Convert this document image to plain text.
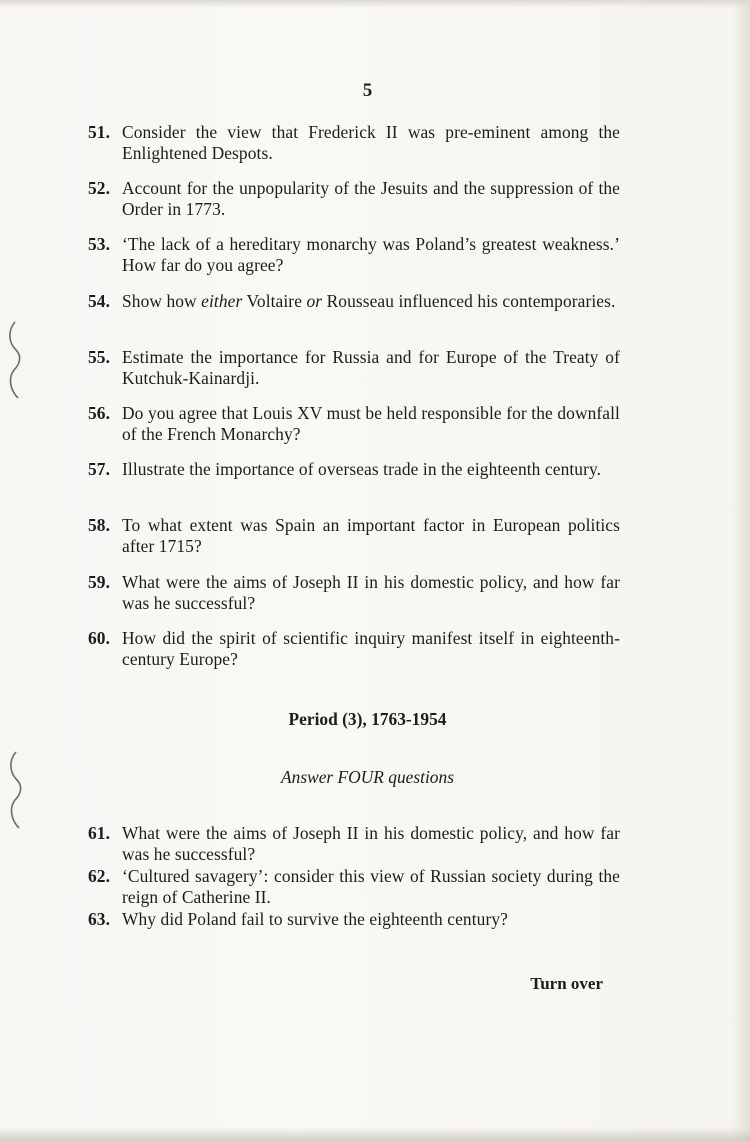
5

51. Consider the view that Frederick II was pre-eminent among the Enlightened Despots.
52. Account for the unpopularity of the Jesuits and the suppression of the Order in 1773.
53. ‘The lack of a hereditary monarchy was Poland’s greatest weakness.’ How far do you agree?
54. Show how either Voltaire or Rousseau influenced his contemporaries.
55. Estimate the importance for Russia and for Europe of the Treaty of Kutchuk-Kainardji.
56. Do you agree that Louis XV must be held responsible for the downfall of the French Monarchy?
57. Illustrate the importance of overseas trade in the eighteenth century.
58. To what extent was Spain an important factor in European politics after 1715?
59. What were the aims of Joseph II in his domestic policy, and how far was he successful?
60. How did the spirit of scientific inquiry manifest itself in eighteenth-century Europe?

Period (3), 1763-1954

Answer FOUR questions

61. What were the aims of Joseph II in his domestic policy, and how far was he successful?
62. ‘Cultured savagery’: consider this view of Russian society during the reign of Catherine II.
63. Why did Poland fail to survive the eighteenth century?

Turn over
